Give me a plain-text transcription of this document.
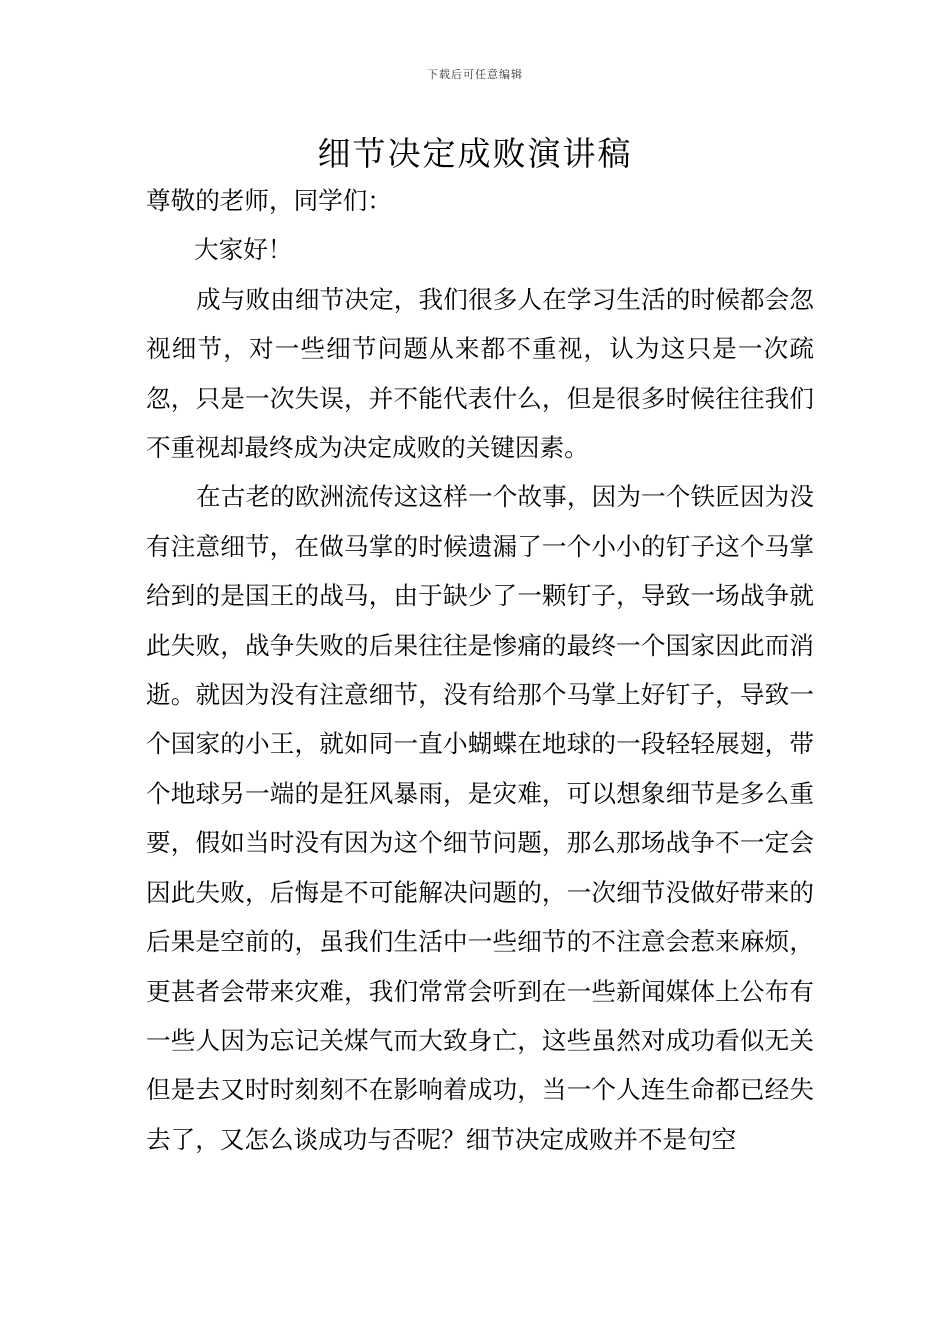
下载后可任意编辑
细节决定成败演讲稿

尊敬的老师，同学们：

大家好！

成与败由细节决定，我们很多人在学习生活的时候都会忽视细节，对一些细节问题从来都不重视，认为这只是一次疏忽，只是一次失误，并不能代表什么，但是很多时候往往我们不重视却最终成为决定成败的关键因素。

在古老的欧洲流传这这样一个故事，因为一个铁匠因为没有注意细节，在做马掌的时候遗漏了一个小小的钉子这个马掌给到的是国王的战马，由于缺少了一颗钉子，导致一场战争就此失败，战争失败的后果往往是惨痛的最终一个国家因此而消逝。就因为没有注意细节，没有给那个马掌上好钉子，导致一个国家的小王，就如同一直小蝴蝶在地球的一段轻轻展翅，带个地球另一端的是狂风暴雨，是灾难，可以想象细节是多么重要，假如当时没有因为这个细节问题，那么那场战争不一定会因此失败，后悔是不可能解决问题的，一次细节没做好带来的后果是空前的，虽我们生活中一些细节的不注意会惹来麻烦，更甚者会带来灾难，我们常常会听到在一些新闻媒体上公布有一些人因为忘记关煤气而大致身亡，这些虽然对成功看似无关但是去又时时刻刻不在影响着成功，当一个人连生命都已经失去了，又怎么谈成功与否呢？细节决定成败并不是句空
